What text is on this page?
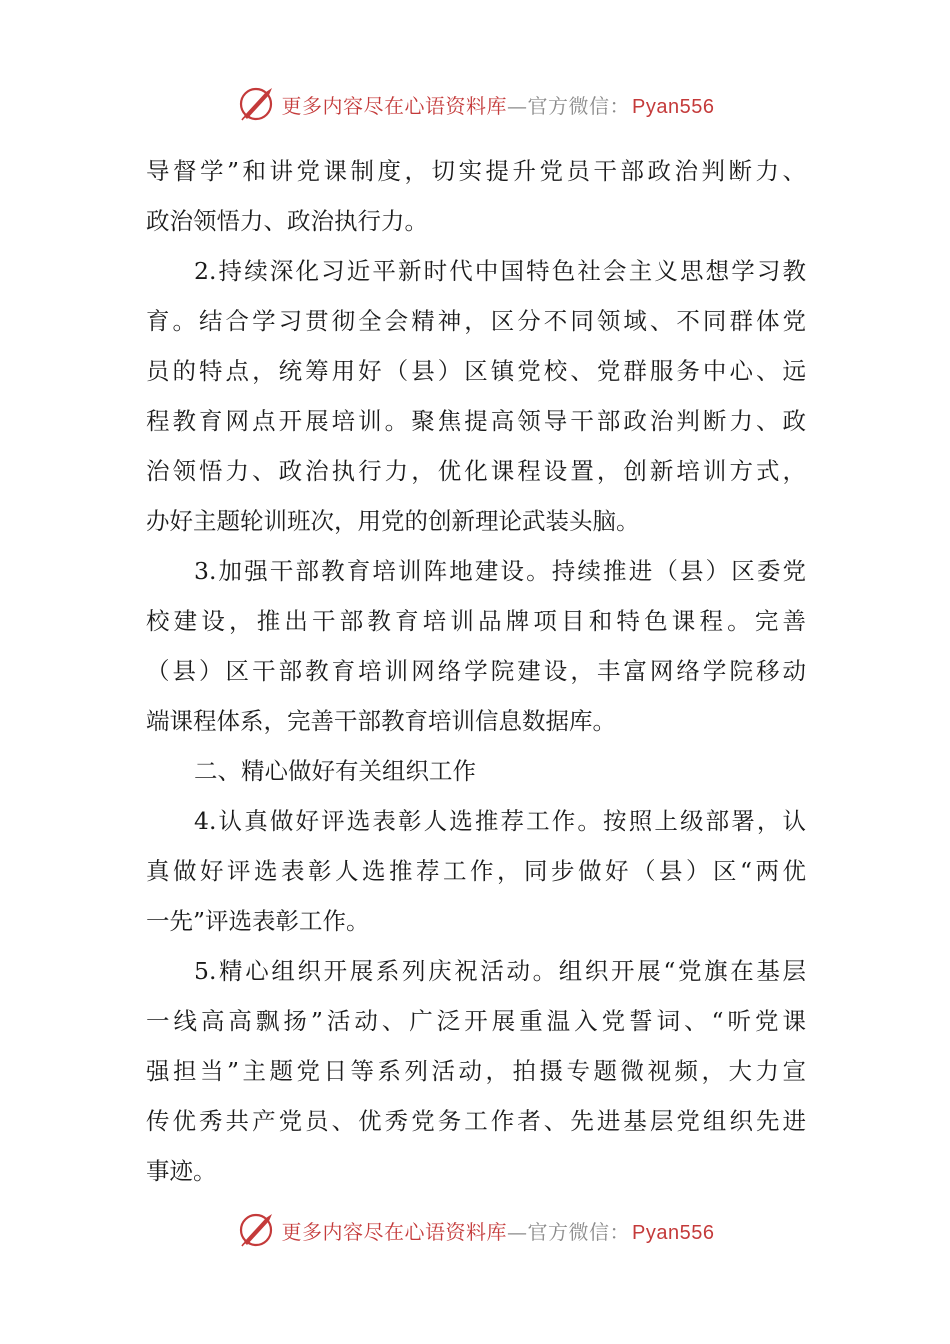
更多内容尽在心语资料库—官方微信： Pyan556
导督学”和讲党课制度，切实提升党员干部政治判断力、
政治领悟力、政治执行力。
2.持续深化习近平新时代中国特色社会主义思想学习教
育。结合学习贯彻全会精神，区分不同领域、不同群体党
员的特点，统筹用好（县）区镇党校、党群服务中心、远
程教育网点开展培训。聚焦提高领导干部政治判断力、政
治领悟力、政治执行力，优化课程设置，创新培训方式，
办好主题轮训班次，用党的创新理论武装头脑。
3.加强干部教育培训阵地建设。持续推进（县）区委党
校建设，推出干部教育培训品牌项目和特色课程。完善
（县）区干部教育培训网络学院建设，丰富网络学院移动
端课程体系，完善干部教育培训信息数据库。
二、精心做好有关组织工作
4.认真做好评选表彰人选推荐工作。按照上级部署，认
真做好评选表彰人选推荐工作，同步做好（县）区“两优
一先”评选表彰工作。
5.精心组织开展系列庆祝活动。组织开展“党旗在基层
一线高高飘扬”活动、广泛开展重温入党誓词、“听党课
强担当”主题党日等系列活动，拍摄专题微视频，大力宣
传优秀共产党员、优秀党务工作者、先进基层党组织先进
事迹。
更多内容尽在心语资料库—官方微信： Pyan556
